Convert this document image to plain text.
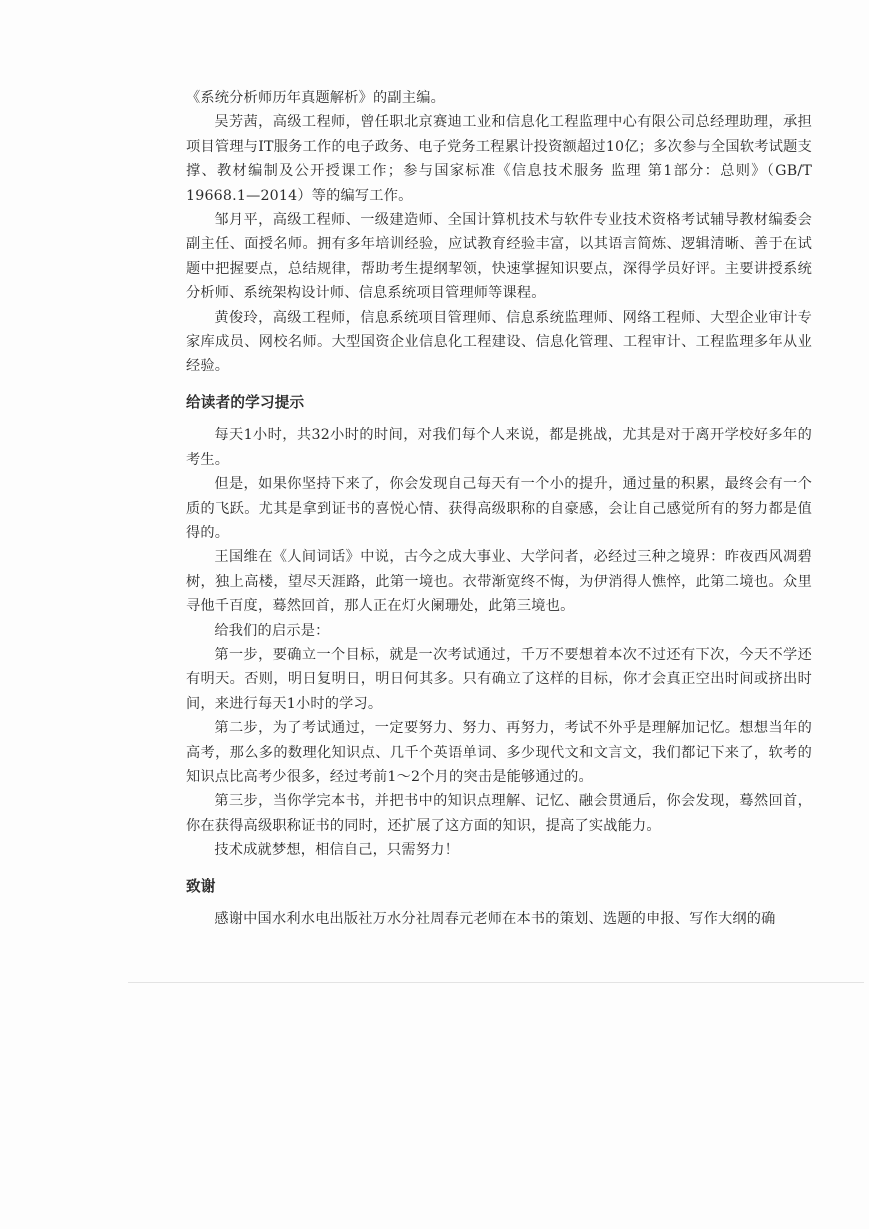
《系统分析师历年真题解析》的副主编。

吴芳茜，高级工程师，曾任职北京赛迪工业和信息化工程监理中心有限公司总经理助理，承担项目管理与IT服务工作的电子政务、电子党务工程累计投资额超过10亿；多次参与全国软考试题支撑、教材编制及公开授课工作；参与国家标准《信息技术服务 监理 第1部分：总则》（GB/T 19668.1—2014）等的编写工作。

邹月平，高级工程师、一级建造师、全国计算机技术与软件专业技术资格考试辅导教材编委会副主任、面授名师。拥有多年培训经验，应试教育经验丰富，以其语言简炼、逻辑清晰、善于在试题中把握要点，总结规律，帮助考生提纲挈领，快速掌握知识要点，深得学员好评。主要讲授系统分析师、系统架构设计师、信息系统项目管理师等课程。

黄俊玲，高级工程师，信息系统项目管理师、信息系统监理师、网络工程师、大型企业审计专家库成员、网校名师。大型国资企业信息化工程建设、信息化管理、工程审计、工程监理多年从业经验。

给读者的学习提示

每天1小时，共32小时的时间，对我们每个人来说，都是挑战，尤其是对于离开学校好多年的考生。

但是，如果你坚持下来了，你会发现自己每天有一个小的提升，通过量的积累，最终会有一个质的飞跃。尤其是拿到证书的喜悦心情、获得高级职称的自豪感，会让自己感觉所有的努力都是值得的。

王国维在《人间词话》中说，古今之成大事业、大学问者，必经过三种之境界：昨夜西风凋碧树，独上高楼，望尽天涯路，此第一境也。衣带渐宽终不悔，为伊消得人憔悴，此第二境也。众里寻他千百度，蓦然回首，那人正在灯火阑珊处，此第三境也。

给我们的启示是：

第一步，要确立一个目标，就是一次考试通过，千万不要想着本次不过还有下次，今天不学还有明天。否则，明日复明日，明日何其多。只有确立了这样的目标，你才会真正空出时间或挤出时间，来进行每天1小时的学习。

第二步，为了考试通过，一定要努力、努力、再努力，考试不外乎是理解加记忆。想想当年的高考，那么多的数理化知识点、几千个英语单词、多少现代文和文言文，我们都记下来了，软考的知识点比高考少很多，经过考前1～2个月的突击是能够通过的。

第三步，当你学完本书，并把书中的知识点理解、记忆、融会贯通后，你会发现，蓦然回首，你在获得高级职称证书的同时，还扩展了这方面的知识，提高了实战能力。

技术成就梦想，相信自己，只需努力！

致谢

感谢中国水利水电出版社万水分社周春元老师在本书的策划、选题的申报、写作大纲的确
